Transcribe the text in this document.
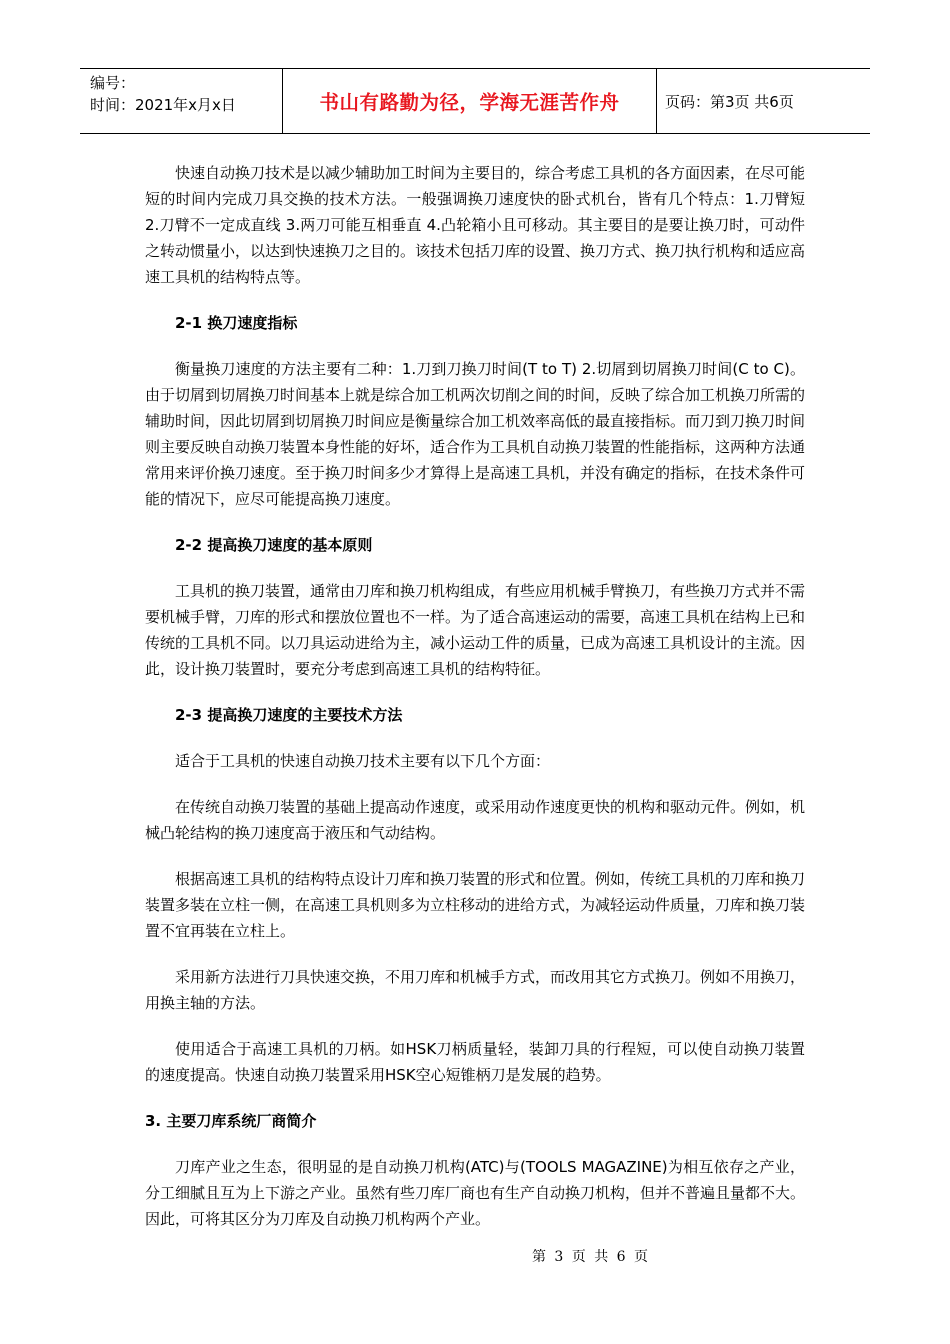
编号：
时间：2021年x月x日	书山有路勤为径，学海无涯苦作舟	页码：第3页 共6页

快速自动换刀技术是以减少辅助加工时间为主要目的，综合考虑工具机的各方面因素，在尽可能短的时间内完成刀具交换的技术方法。一般强调换刀速度快的卧式机台，皆有几个特点：1.刀臂短 2.刀臂不一定成直线 3.两刀可能互相垂直 4.凸轮箱小且可移动。其主要目的是要让换刀时，可动件之转动惯量小，以达到快速换刀之目的。该技术包括刀库的设置、换刀方式、换刀执行机构和适应高速工具机的结构特点等。

2-1 换刀速度指标

衡量换刀速度的方法主要有二种：1.刀到刀换刀时间(T to T) 2.切屑到切屑换刀时间(C to C)。由于切屑到切屑换刀时间基本上就是综合加工机两次切削之间的时间，反映了综合加工机换刀所需的辅助时间，因此切屑到切屑换刀时间应是衡量综合加工机效率高低的最直接指标。而刀到刀换刀时间则主要反映自动换刀装置本身性能的好坏，适合作为工具机自动换刀装置的性能指标，这两种方法通常用来评价换刀速度。至于换刀时间多少才算得上是高速工具机，并没有确定的指标，在技术条件可能的情况下，应尽可能提高换刀速度。

2-2 提高换刀速度的基本原则

工具机的换刀装置，通常由刀库和换刀机构组成，有些应用机械手臂换刀，有些换刀方式并不需要机械手臂，刀库的形式和摆放位置也不一样。为了适合高速运动的需要，高速工具机在结构上已和传统的工具机不同。以刀具运动进给为主，减小运动工件的质量，已成为高速工具机设计的主流。因此，设计换刀装置时，要充分考虑到高速工具机的结构特征。

2-3 提高换刀速度的主要技术方法

适合于工具机的快速自动换刀技术主要有以下几个方面：

在传统自动换刀装置的基础上提高动作速度，或采用动作速度更快的机构和驱动元件。例如，机械凸轮结构的换刀速度高于液压和气动结构。

根据高速工具机的结构特点设计刀库和换刀装置的形式和位置。例如，传统工具机的刀库和换刀装置多装在立柱一侧，在高速工具机则多为立柱移动的进给方式，为减轻运动件质量，刀库和换刀装置不宜再装在立柱上。

采用新方法进行刀具快速交换，不用刀库和机械手方式，而改用其它方式换刀。例如不用换刀，用换主轴的方法。

使用适合于高速工具机的刀柄。如HSK刀柄质量轻，装卸刀具的行程短，可以使自动换刀装置的速度提高。快速自动换刀装置采用HSK空心短锥柄刀是发展的趋势。

3. 主要刀库系统厂商简介

刀库产业之生态，很明显的是自动换刀机构(ATC)与(TOOLS MAGAZINE)为相互依存之产业，分工细腻且互为上下游之产业。虽然有些刀库厂商也有生产自动换刀机构，但并不普遍且量都不大。因此，可将其区分为刀库及自动换刀机构两个产业。

第 3 页 共 6 页
